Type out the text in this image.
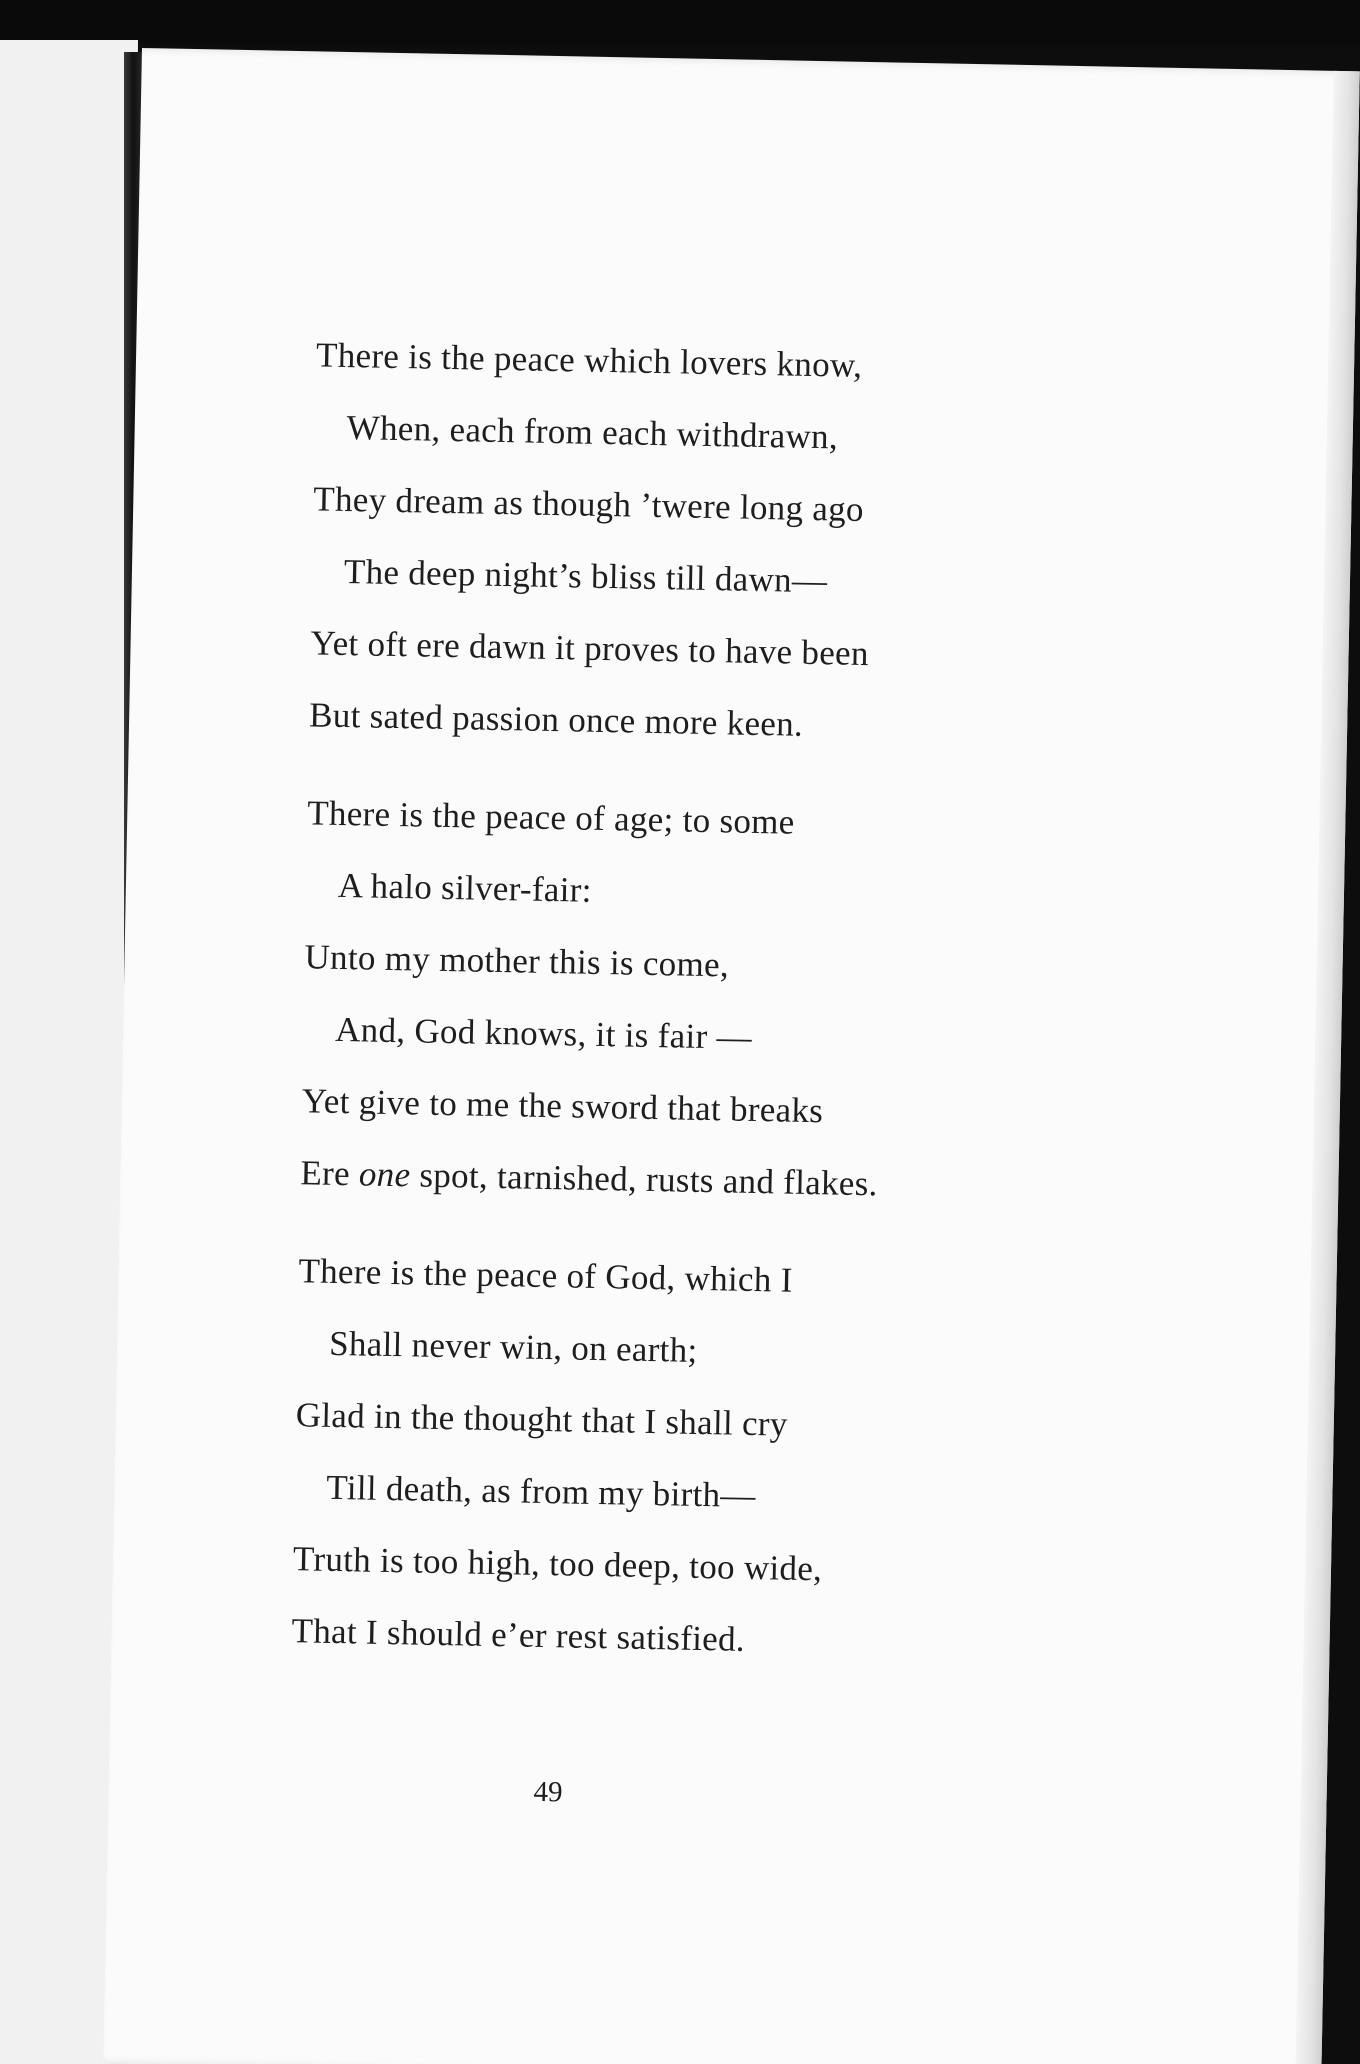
There is the peace which lovers know,
When, each from each withdrawn,
They dream as though ’twere long ago
The deep night’s bliss till dawn—
Yet oft ere dawn it proves to have been
But sated passion once more keen.
There is the peace of age; to some
A halo silver-fair:
Unto my mother this is come,
And, God knows, it is fair —
Yet give to me the sword that breaks
Ere one spot, tarnished, rusts and flakes.
There is the peace of God, which I
Shall never win, on earth;
Glad in the thought that I shall cry
Till death, as from my birth—
Truth is too high, too deep, too wide,
That I should e’er rest satisfied.
49
